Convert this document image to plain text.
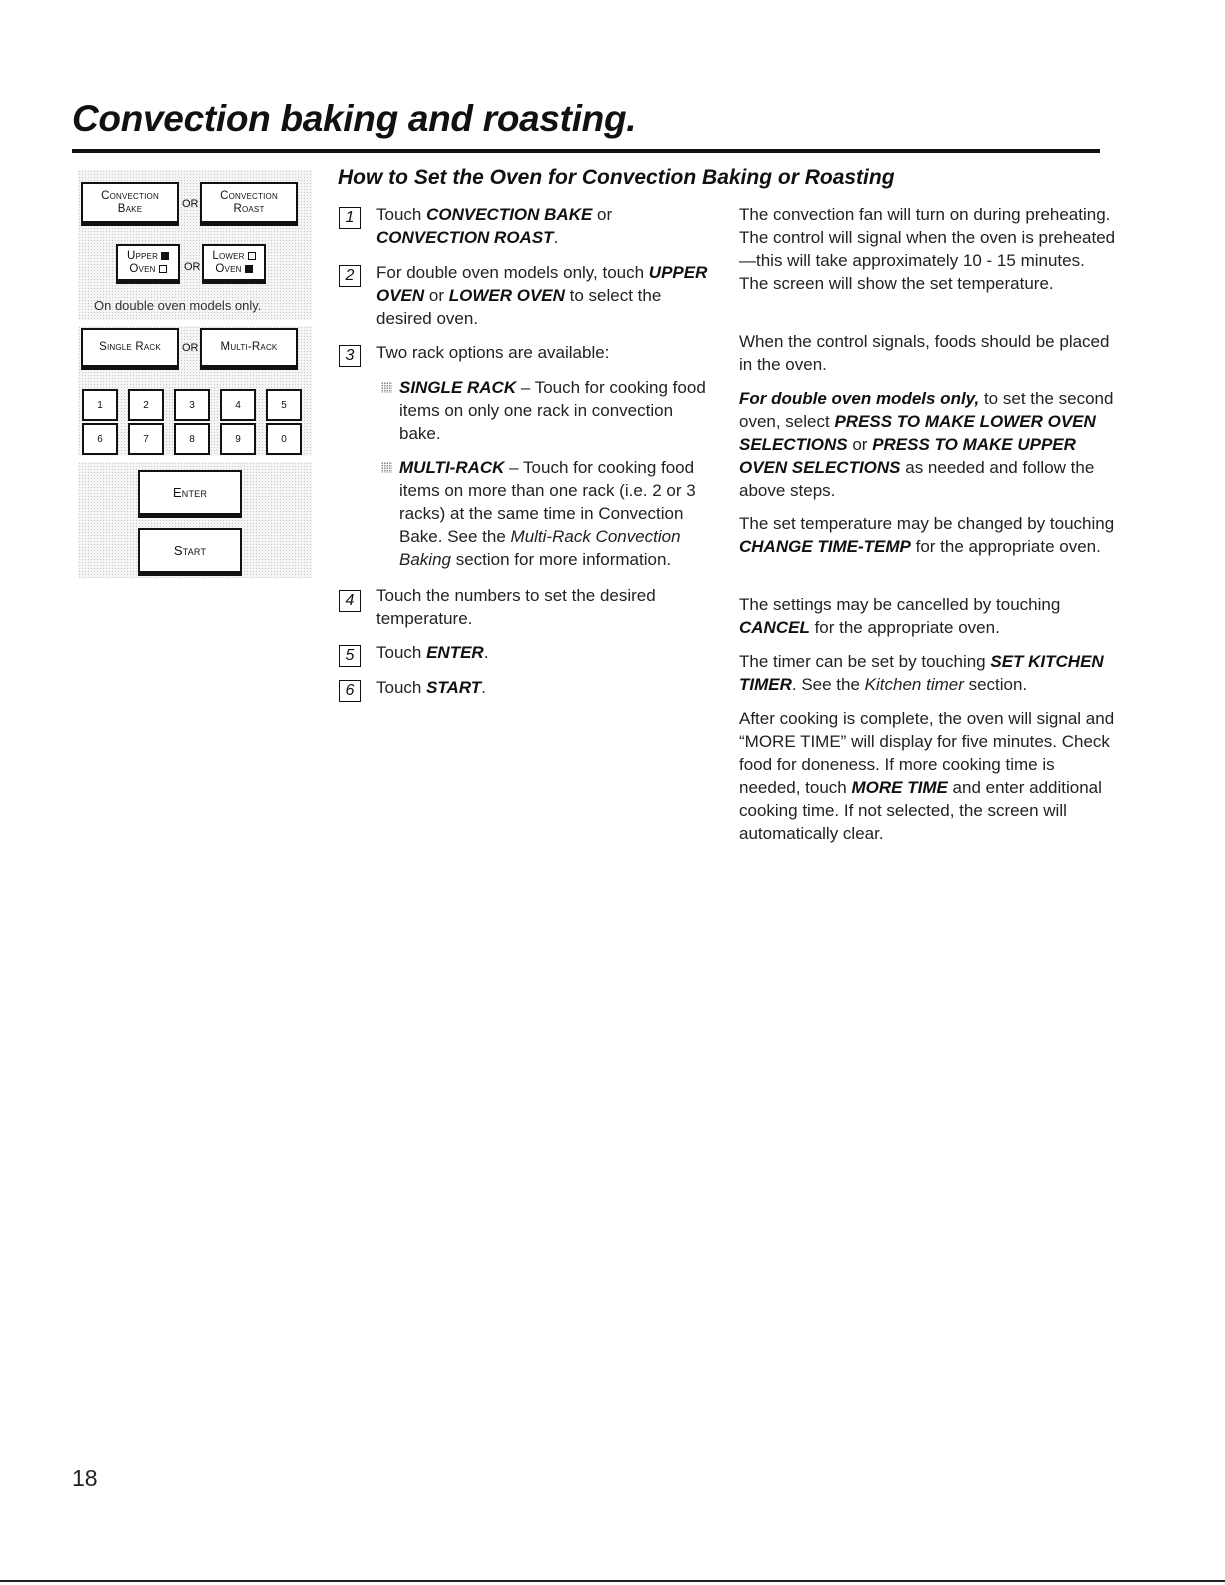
Convection baking and roasting.
Convection Bake	OR
Convection Roast
Upper
Oven	OR
Lower
Oven
On double oven models only.
Single Rack OR Multi-Rack
1	2	3	4	5
6	7	8	9	0
Enter
Start
How to Set the Oven for Convection Baking or Roasting
1	Touch CONVECTION BAKE or CONVECTION ROAST.
2	For double oven models only, touch UPPER OVEN or LOWER OVEN to select the desired oven.
3	Two rack options are available:
SINGLE RACK – Touch for cooking food items on only one rack in convection bake.
MULTI-RACK – Touch for cooking food items on more than one rack (i.e. 2 or 3 racks) at the same time in Convection Bake. See the Multi-Rack Convection Baking section for more information.
4	Touch the numbers to set the desired temperature.
5	Touch ENTER.
6	Touch START.

The convection fan will turn on during preheating. The control will signal when the oven is preheated—this will take approximately 10 - 15 minutes. The screen will show the set temperature.

When the control signals, foods should be placed in the oven.

For double oven models only, to set the second oven, select PRESS TO MAKE LOWER OVEN SELECTIONS or PRESS TO MAKE UPPER OVEN SELECTIONS as needed and follow the above steps.

The set temperature may be changed by touching CHANGE TIME-TEMP for the appropriate oven.

The settings may be cancelled by touching CANCEL for the appropriate oven.

The timer can be set by touching SET KITCHEN TIMER. See the Kitchen timer section.

After cooking is complete, the oven will signal and “MORE TIME” will display for five minutes. Check food for doneness. If more cooking time is needed, touch MORE TIME and enter additional cooking time. If not selected, the screen will automatically clear.

18
